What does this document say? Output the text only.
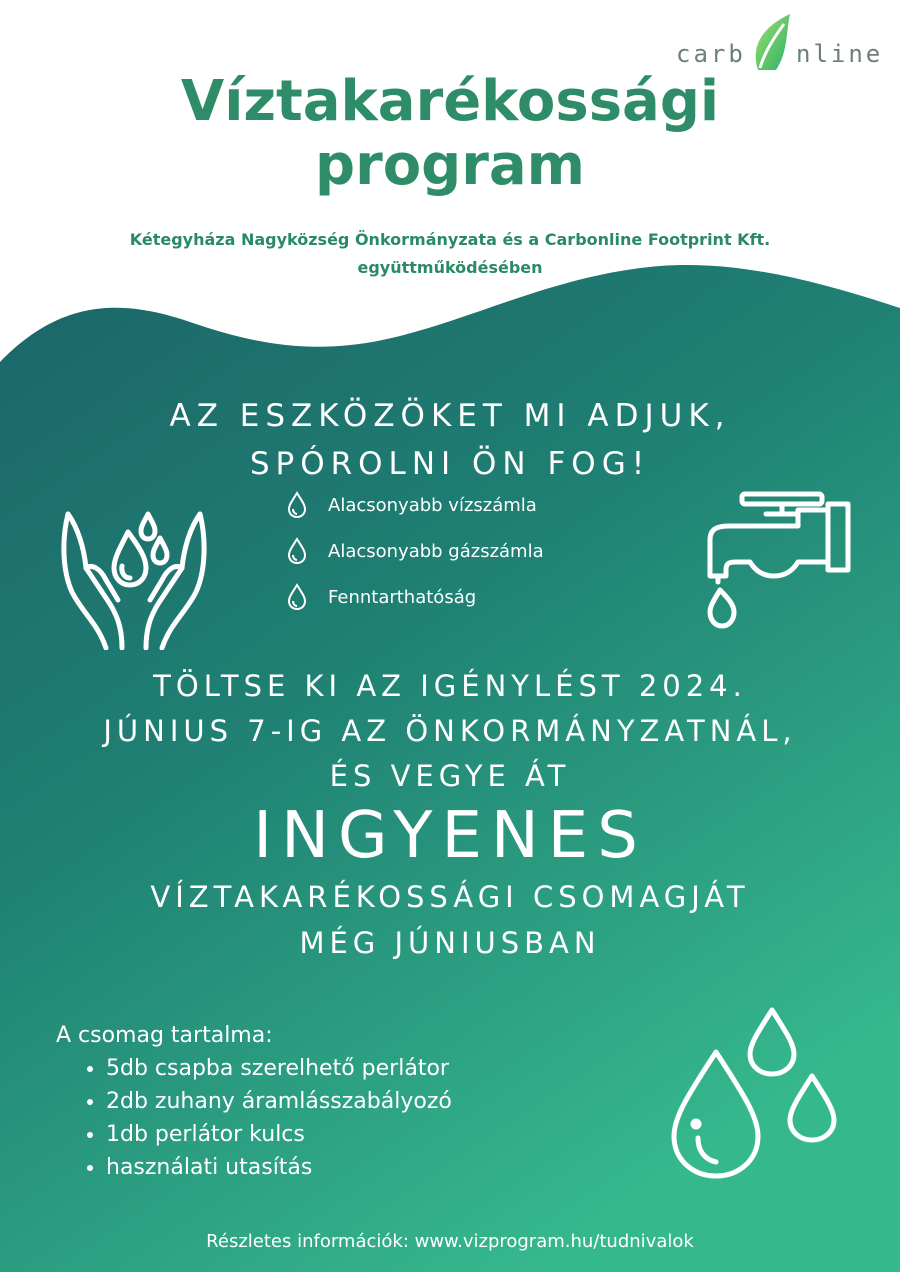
carb nline
Víztakarékossági
program
Kétegyháza Nagyközség Önkormányzata és a Carbonline Footprint Kft.
együttműködésében
AZ ESZKÖZÖKET MI ADJUK,
SPÓROLNI ÖN FOG!
Alacsonyabb vízszámla
Alacsonyabb gázszámla
Fenntarthatóság
TÖLTSE KI AZ IGÉNYLÉST 2024.
JÚNIUS 7-IG AZ ÖNKORMÁNYZATNÁL,
ÉS VEGYE ÁT
INGYENES
VÍZTAKARÉKOSSÁGI CSOMAGJÁT
MÉG JÚNIUSBAN
A csomag tartalma:
• 5db csapba szerelhető perlátor
• 2db zuhany áramlásszabályozó
• 1db perlátor kulcs
• használati utasítás
Részletes információk: www.vizprogram.hu/tudnivalok
